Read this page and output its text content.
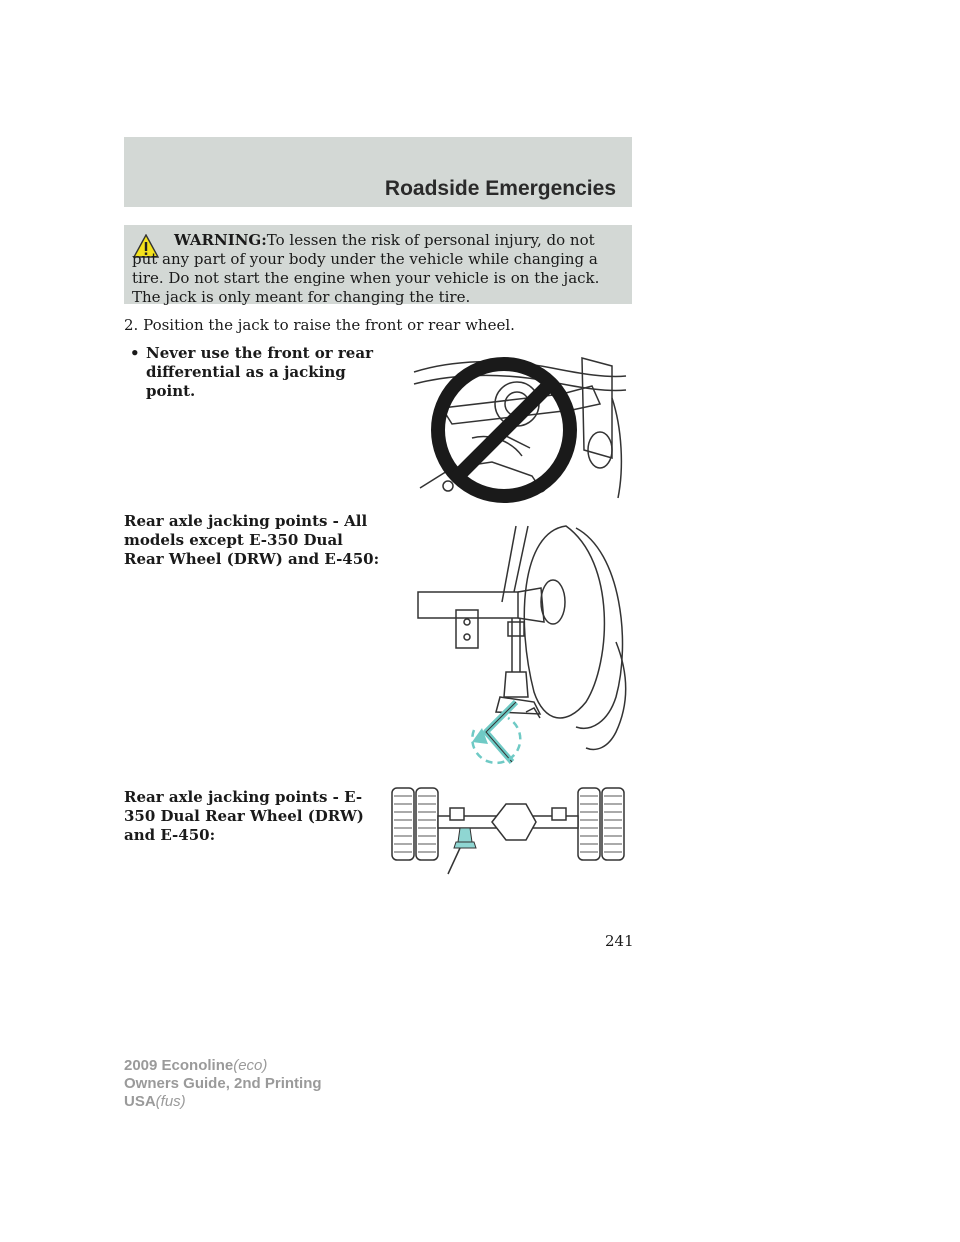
Roadside Emergencies

WARNING:To lessen the risk of personal injury, do not put any part of your body under the vehicle while changing a tire. Do not start the engine when your vehicle is on the jack. The jack is only meant for changing the tire.

2. Position the jack to raise the front or rear wheel.

• Never use the front or rear differential as a jacking point.

Rear axle jacking points - All models except E-350 Dual Rear Wheel (DRW) and E-450:

Rear axle jacking points - E-350 Dual Rear Wheel (DRW) and E-450:

241
2009 Econoline(eco)
Owners Guide, 2nd Printing
USA(fus)
